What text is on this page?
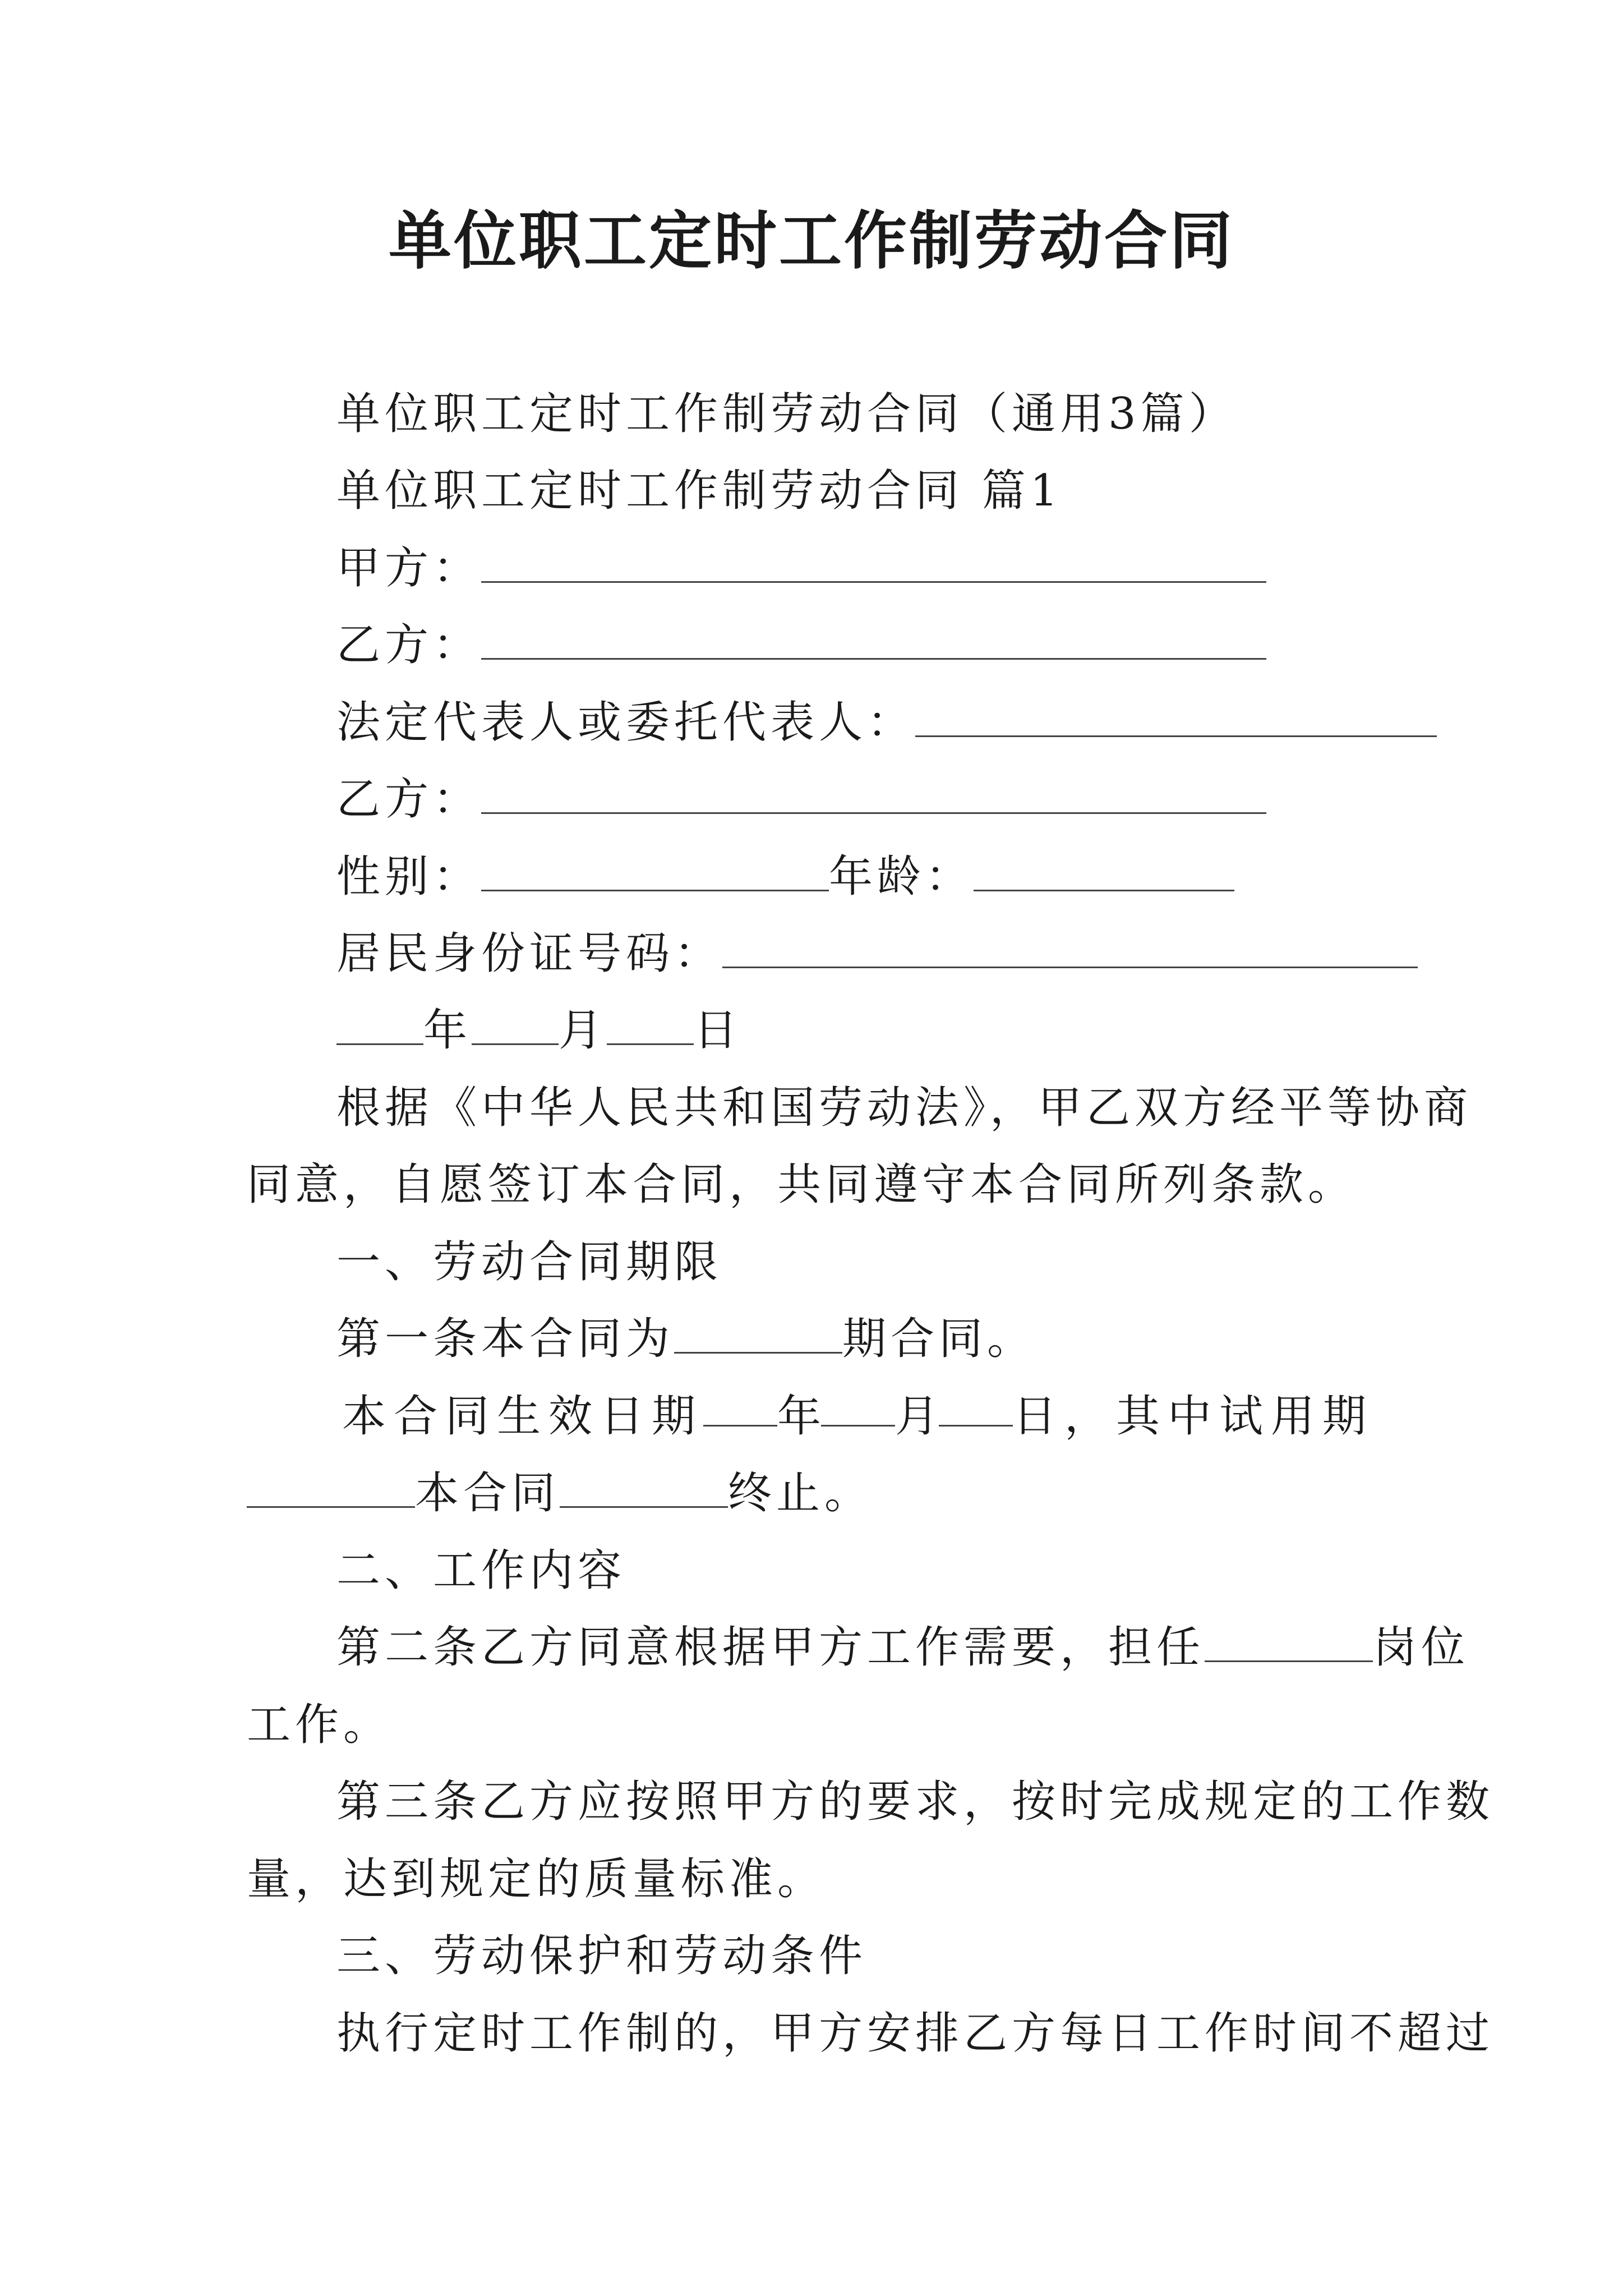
单位职工定时工作制劳动合同
单位职工定时工作制劳动合同（通用3篇）
单位职工定时工作制劳动合同 篇1
甲方：
乙方：
法定代表人或委托代表人：
乙方：
性别：	年龄：
居民身份证号码：
年 月 日
根据《中华人民共和国劳动法》，甲乙双方经平等协商
同意，自愿签订本合同，共同遵守本合同所列条款。
一、劳动合同期限
第一条本合同为	期合同。
本合同生效日期 年 月 日，其中试用期
本合同	终止。
二、工作内容
第二条乙方同意根据甲方工作需要，担任	岗位
工作。
第三条乙方应按照甲方的要求，按时完成规定的工作数
量，达到规定的质量标准。
三、劳动保护和劳动条件
执行定时工作制的，甲方安排乙方每日工作时间不超过
